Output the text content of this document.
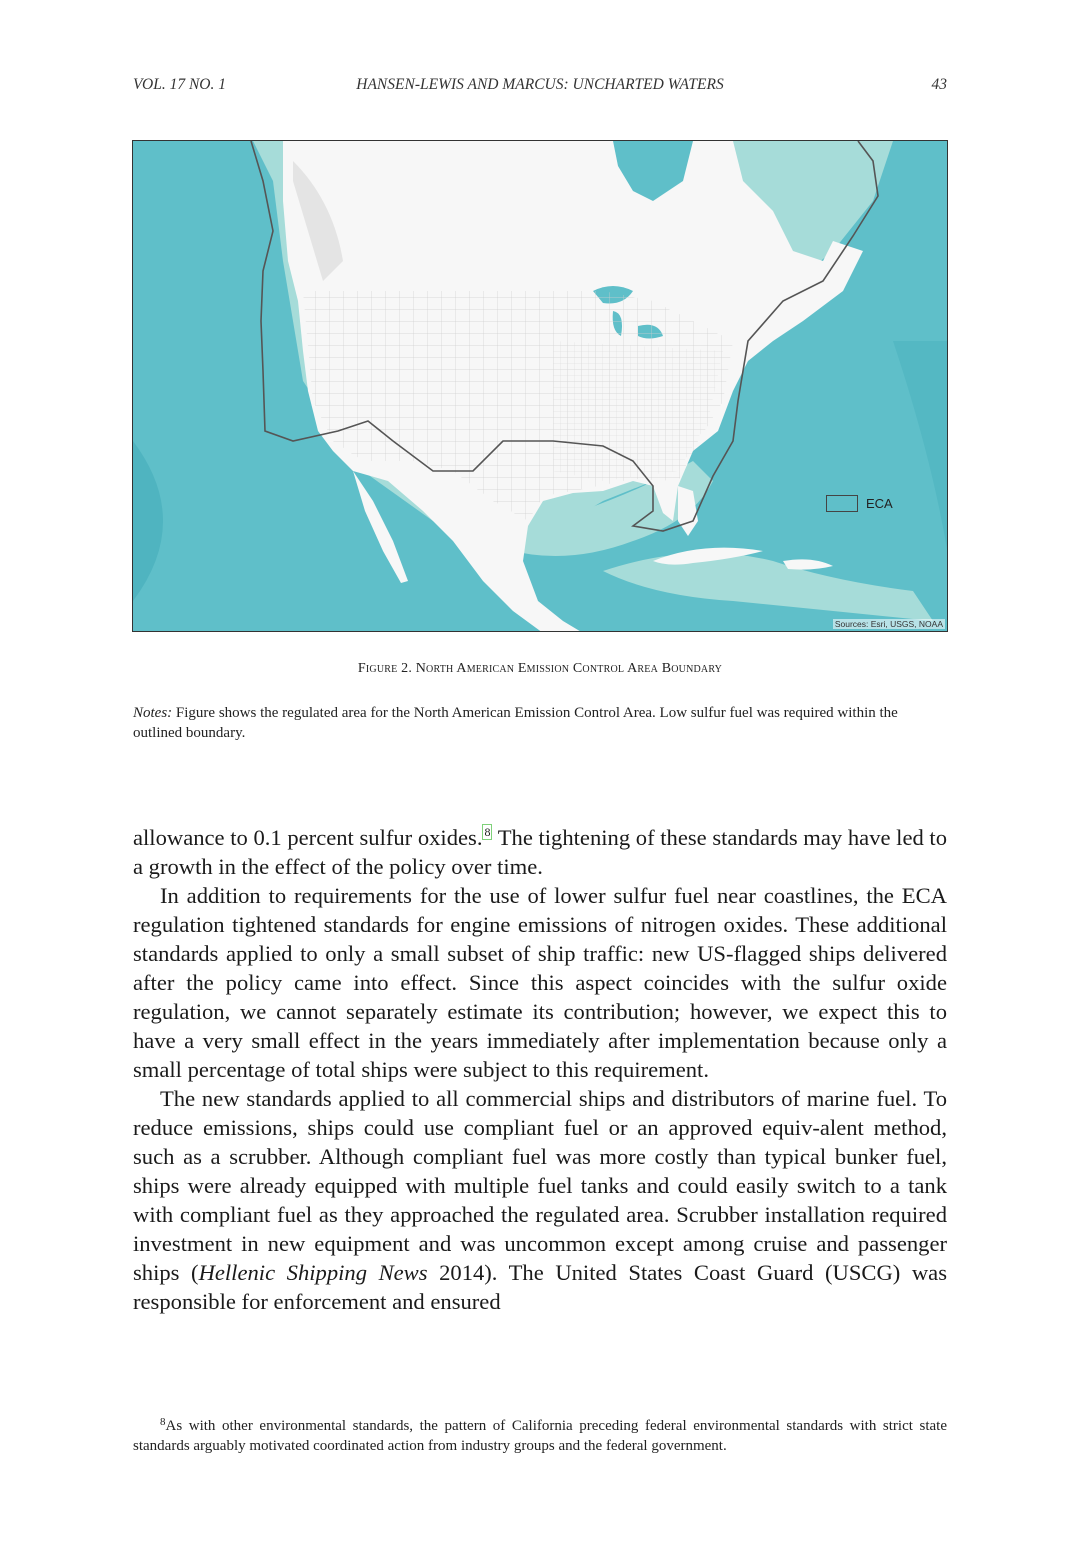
VOL. 17 NO. 1	HANSEN-LEWIS AND MARCUS: UNCHARTED WATERS	43
ECA
Sources: Esri, USGS, NOAA
Figure 2. North American Emission Control Area Boundary
Notes: Figure shows the regulated area for the North American Emission Control Area. Low sulfur fuel was required within the outlined boundary.

allowance to 0.1 percent sulfur oxides. $^8$ The tightening of these standards may have led to a growth in the effect of the policy over time.

In addition to requirements for the use of lower sulfur fuel near coastlines, the ECA regulation tightened standards for engine emissions of nitrogen oxides. These additional standards applied to only a small subset of ship traffic: new US-flagged ships delivered after the policy came into effect. Since this aspect coincides with the sulfur oxide regulation, we cannot separately estimate its contribution; however, we expect this to have a very small effect in the years immediately after implementation because only a small percentage of total ships were subject to this requirement.

The new standards applied to all commercial ships and distributors of marine fuel. To reduce emissions, ships could use compliant fuel or an approved equiv-alent method, such as a scrubber. Although compliant fuel was more costly than typical bunker fuel, ships were already equipped with multiple fuel tanks and could easily switch to a tank with compliant fuel as they approached the regulated area. Scrubber installation required investment in new equipment and was uncommon except among cruise and passenger ships (Hellenic Shipping News 2014). The United States Coast Guard (USCG) was responsible for enforcement and ensured

$^8$As with other environmental standards, the pattern of California preceding federal environmental standards with strict state standards arguably motivated coordinated action from industry groups and the federal government.
